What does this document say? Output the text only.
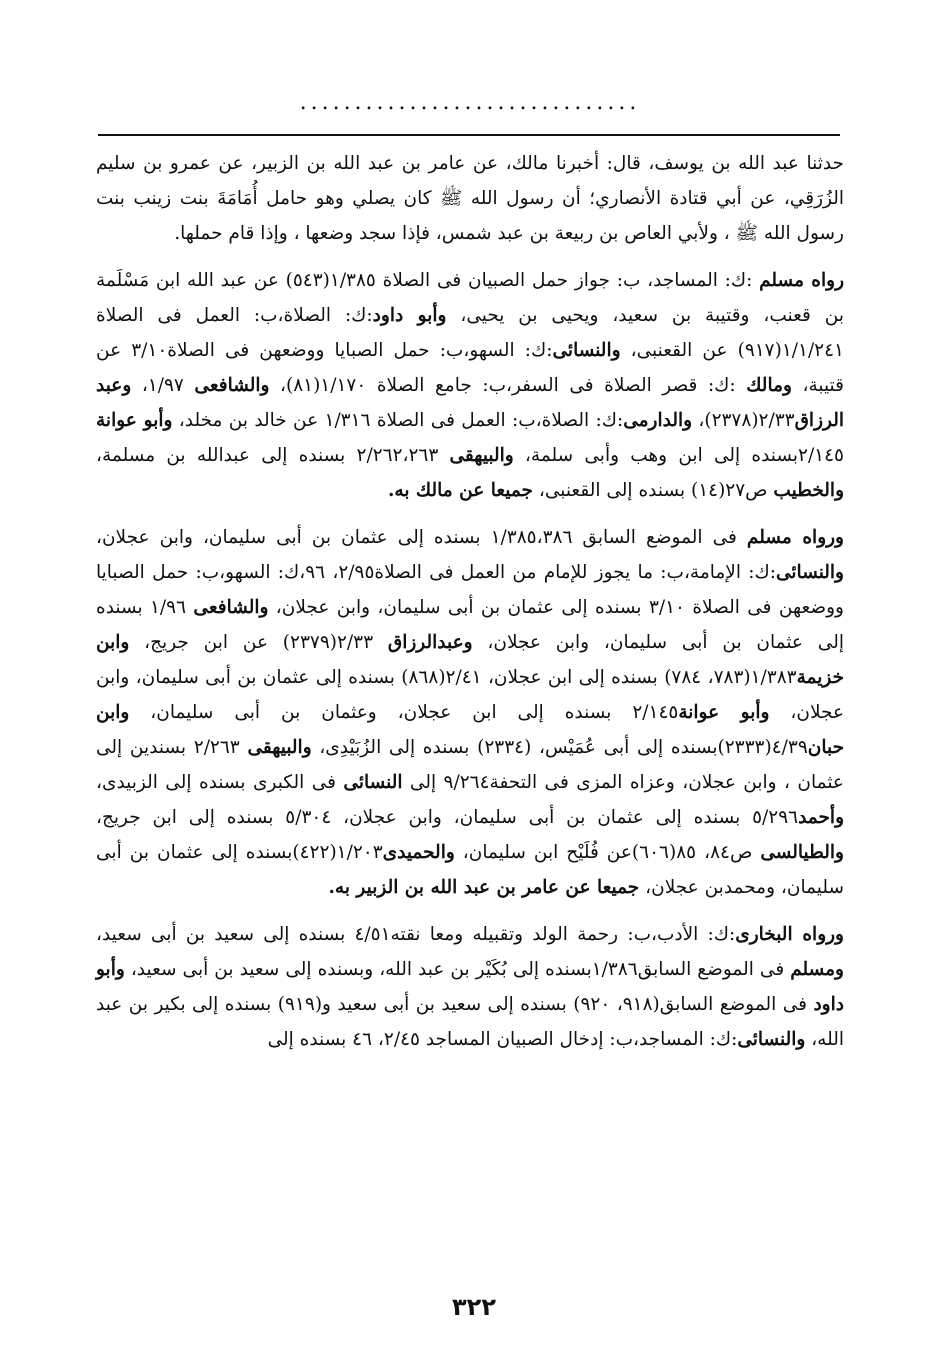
...............................

حدثنا عبد الله بن يوسف، قال: أخبرنا مالك، عن عامر بن عبد الله بن الزبير، عن عمرو بن سليم الزُرَقِي، عن أبي قتادة الأنصاري؛ أن رسول الله ﷺ كان يصلي وهو حامل أُمَامَةَ بنت زينب بنت رسول الله ﷺ ، ولأبي العاص بن ربيعة بن عبد شمس، فإذا سجد وضعها ، وإذا قام حملها.

رواه مسلم :ك: المساجد، ب: جواز حمل الصبيان فى الصلاة ١/٣٨٥(٥٤٣) عن عبد الله ابن مَسْلَمة بن قعنب، وقتيبة بن سعيد، ويحيى بن يحيى، وأبو داود:ك: الصلاة،ب: العمل فى الصلاة ١/١/٢٤١(٩١٧) عن القعنبى، والنسائى:ك: السهو،ب: حمل الصبايا ووضعهن فى الصلاة٣/١٠ عن قتيبة، ومالك :ك: قصر الصلاة فى السفر،ب: جامع الصلاة ١/١٧٠(٨١)، والشافعى ١/٩٧، وعبد الرزاق٢/٣٣(٢٣٧٨)، والدارمى:ك: الصلاة،ب: العمل فى الصلاة ١/٣١٦ عن خالد بن مخلد، وأبو عوانة ٢/١٤٥بسنده إلى ابن وهب وأبى سلمة، والبيهقى ٢/٢٦٢،٢٦٣ بسنده إلى عبدالله بن مسلمة، والخطيب ص٢٧(١٤) بسنده إلى القعنبى، جميعا عن مالك به.

ورواه مسلم فى الموضع السابق ١/٣٨٥،٣٨٦ بسنده إلى عثمان بن أبى سليمان، وابن عجلان، والنسائى:ك: الإمامة،ب: ما يجوز للإمام من العمل فى الصلاة٢/٩٥، ٩٦،ك: السهو،ب: حمل الصبايا ووضعهن فى الصلاة ٣/١٠ بسنده إلى عثمان بن أبى سليمان، وابن عجلان، والشافعى ١/٩٦ بسنده إلى عثمان بن أبى سليمان، وابن عجلان، وعبدالرزاق ٢/٣٣(٢٣٧٩) عن ابن جريج، وابن خزيمة١/٣٨٣(٧٨٣، ٧٨٤) بسنده إلى ابن عجلان، ٢/٤١(٨٦٨) بسنده إلى عثمان بن أبى سليمان، وابن عجلان، وأبو عوانة٢/١٤٥ بسنده إلى ابن عجلان، وعثمان بن أبى سليمان، وابن حبان٤/٣٩(٢٣٣٣)بسنده إلى أبى عُمَيْس، (٢٣٣٤) بسنده إلى الزُبَيْدِى، والبيهقى ٢/٢٦٣ بسندين إلى عثمان ، وابن عجلان، وعزاه المزى فى التحفة٩/٢٦٤ إلى النسائى فى الكبرى بسنده إلى الزبيدى، وأحمد٥/٢٩٦ بسنده إلى عثمان بن أبى سليمان، وابن عجلان، ٥/٣٠٤ بسنده إلى ابن جريج، والطيالسى ص٨٤، ٨٥(٦٠٦)عن فُلَيْح ابن سليمان، والحميدى١/٢٠٣(٤٢٢)بسنده إلى عثمان بن أبى سليمان، ومحمدبن عجلان، جميعا عن عامر بن عبد الله بن الزبير به.

ورواه البخارى:ك: الأدب،ب: رحمة الولد وتقبيله ومعا نقته٤/٥١ بسنده إلى سعيد بن أبى سعيد، ومسلم فى الموضع السابق١/٣٨٦بسنده إلى بُكَيْر بن عبد الله، وبسنده إلى سعيد بن أبى سعيد، وأبو داود فى الموضع السابق(٩١٨، ٩٢٠) بسنده إلى سعيد بن أبى سعيد و(٩١٩) بسنده إلى بكير بن عبد الله، والنسائى:ك: المساجد،ب: إدخال الصبيان المساجد ٢/٤٥، ٤٦ بسنده إلى

٣٢٢
